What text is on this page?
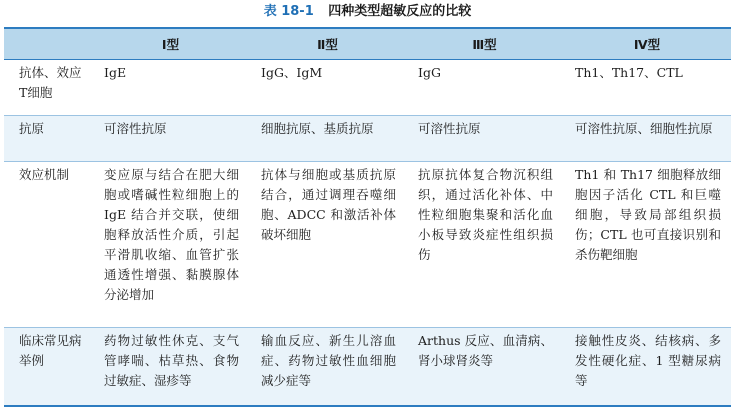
表 18-1 四种类型超敏反应的比较
	Ⅰ型	Ⅱ型	Ⅲ型	Ⅳ型
抗体、效应T细胞	IgE	IgG、IgM	IgG	Th1、Th17、CTL
抗原	可溶性抗原	细胞抗原、基质抗原	可溶性抗原	可溶性抗原、细胞性抗原
效应机制	变应原与结合在肥大细胞或嗜碱性粒细胞上的 IgE 结合并交联，使细胞释放活性介质，引起平滑肌收缩、血管扩张通透性增强、黏膜腺体分泌增加	抗体与细胞或基质抗原结合，通过调理吞噬细胞、ADCC 和激活补体破坏细胞	抗原抗体复合物沉积组织，通过活化补体、中性粒细胞集聚和活化血小板导致炎症性组织损伤	Th1 和 Th17 细胞释放细胞因子活化 CTL 和巨噬细胞，导致局部组织损伤；CTL 也可直接识别和杀伤靶细胞
临床常见病举例	药物过敏性休克、支气管哮喘、枯草热、食物过敏症、湿疹等	输血反应、新生儿溶血症、药物过敏性血细胞减少症等	Arthus 反应、血清病、肾小球肾炎等	接触性皮炎、结核病、多发性硬化症、1 型糖尿病等
